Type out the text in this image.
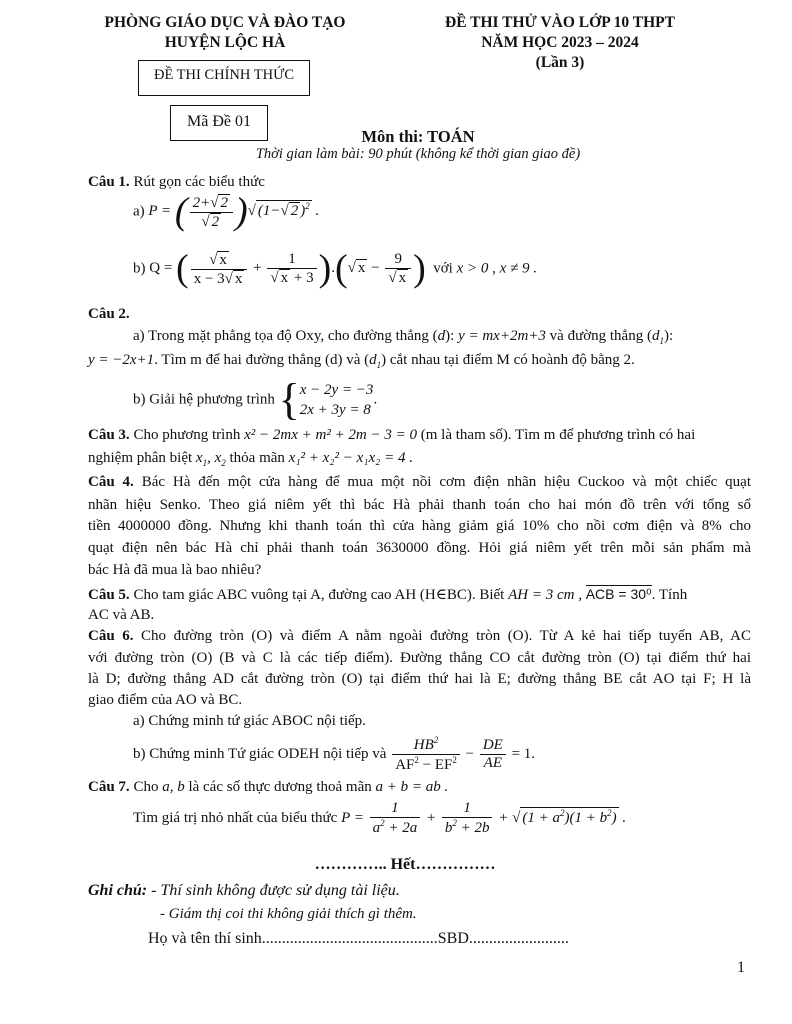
PHÒNG GIÁO DỤC VÀ ĐÀO TẠO
HUYỆN LỘC HÀ
ĐỀ THI CHÍNH THỨC
ĐỀ THI THỬ VÀO LỚP 10 THPT
NĂM HỌC 2023 – 2024
(Lần 3)
Mã Đề 01
Môn thi: TOÁN
Thời gian làm bài: 90 phút (không kể thời gian giao đề)
Câu 1. Rút gọn các biểu thức
a) P = ( $\frac{2+√ 2}{√ 2}$ )√ (1−√ 2 )$^2$ .
b) Q = ( $\frac{√ x}{x - 3√ x} + \frac{1}{√ x + 3}$ ).(√ $x - \frac{9}{√ x}$ ) với x > 0 , x ≠ 9 .
Câu 2.
a) Trong mặt phẳng tọa độ Oxy, cho đường thẳng (d): y = mx+2m+3 và đường thẳng $(d_1)$:
y = −2x+1. Tìm m để hai đường thẳng (d) và $(d_1)$ cắt nhau tại điểm M có hoành độ bằng 2.
b) Giải hệ phương trình { x − 2y = −3
2x + 3y = 8
.
Câu 3. Cho phương trình x² − 2mx + m² + 2m − 3 = 0 (m là tham số). Tìm m để phương trình có hai
nghiệm phân biệt $x_1$, $x_2$ thỏa mãn x₁² + x₂² − x₁x₂ = 4 .
Câu 4. Bác Hà đến một cửa hàng để mua một nồi cơm điện nhãn hiệu Cuckoo và một chiếc quạt
nhãn hiệu Senko. Theo giá niêm yết thì bác Hà phải thanh toán cho hai món đồ trên với tổng số
tiền 4000000 đồng. Nhưng khi thanh toán thì cửa hàng giảm giá 10% cho nồi cơm điện và 8% cho
quạt điện nên bác Hà chỉ phải thanh toán 3630000 đồng. Hỏi giá niêm yết trên mỗi sản phẩm mà
bác Hà đã mua là bao nhiêu?
Câu 5. Cho tam giác ABC vuông tại A, đường cao AH (H∈BC). Biết AH = 3 cm , ACB = 30⁰. Tính
AC và AB.
Câu 6. Cho đường tròn (O) và điểm A nằm ngoài đường tròn (O). Từ A kẻ hai tiếp tuyến AB, AC
với đường tròn (O) (B và C là các tiếp điểm). Đường thẳng CO cắt đường tròn (O) tại điểm thứ hai
là D; đường thẳng AD cắt đường tròn (O) tại điểm thứ hai là E; đường thẳng BE cắt AO tại F; H là
giao điểm của AO và BC.
a) Chứng minh tứ giác ABOC nội tiếp.
b) Chứng minh Tứ giác ODEH nội tiếp và $\frac{HB^2}{AF^2 - EF^2} - \frac{DE}{AE} = 1$.
Câu 7. Cho a, b là các số thực dương thoả mãn a + b = ab .
Tìm giá trị nhỏ nhất của biểu thức $P = \frac{1}{a^2 + 2a} + \frac{1}{b^2 + 2b}$ + √ $(1 + a^2)(1 + b^2)$ .
………….. Hết……………
Ghi chú: - Thí sinh không được sử dụng tài liệu.
- Giám thị coi thi không giải thích gì thêm.
Họ và tên thí sinh............................................SBD.........................
1
